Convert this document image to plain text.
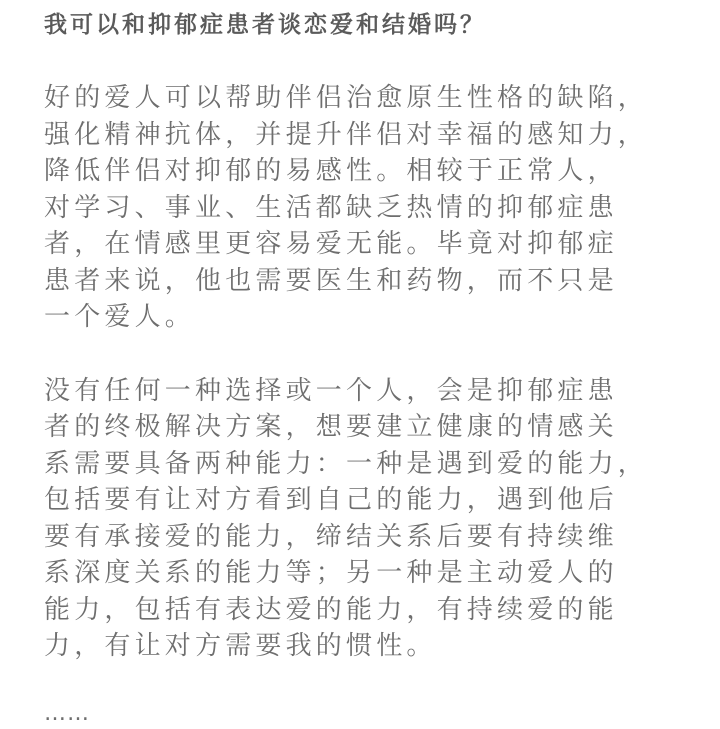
我可以和抑郁症患者谈恋爱和结婚吗？

好的爱人可以帮助伴侣治愈原生性格的缺陷，
强化精神抗体，并提升伴侣对幸福的感知力，
降低伴侣对抑郁的易感性。相较于正常人，
对学习、事业、生活都缺乏热情的抑郁症患
者，在情感里更容易爱无能。毕竟对抑郁症
患者来说，他也需要医生和药物，而不只是
一个爱人。

没有任何一种选择或一个人，会是抑郁症患
者的终极解决方案，想要建立健康的情感关
系需要具备两种能力：一种是遇到爱的能力，
包括要有让对方看到自己的能力，遇到他后
要有承接爱的能力，缔结关系后要有持续维
系深度关系的能力等；另一种是主动爱人的
能力，包括有表达爱的能力，有持续爱的能
力，有让对方需要我的惯性。

……
